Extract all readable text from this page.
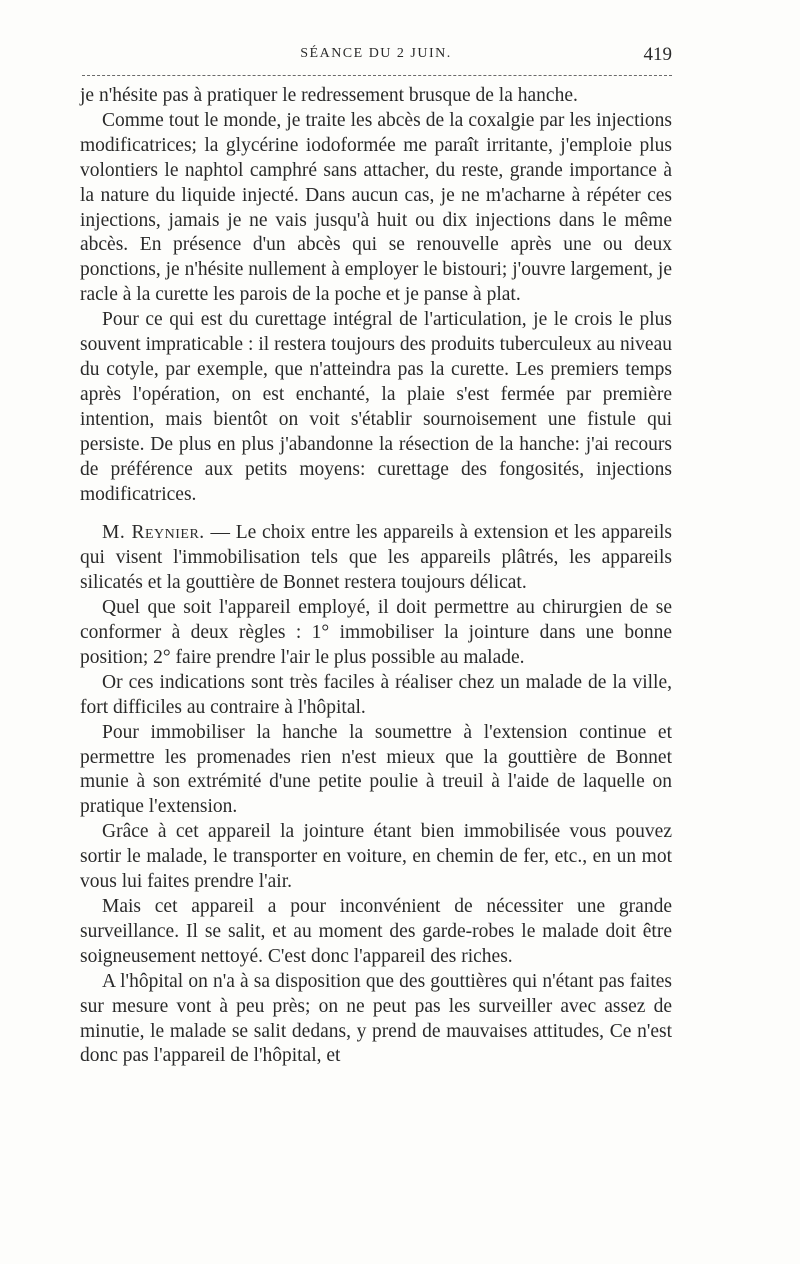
SÉANCE DU 2 JUIN.	419

je n'hésite pas à pratiquer le redressement brusque de la hanche.

Comme tout le monde, je traite les abcès de la coxalgie par les injections modificatrices; la glycérine iodoformée me paraît irritante, j'emploie plus volontiers le naphtol camphré sans attacher, du reste, grande importance à la nature du liquide injecté. Dans aucun cas, je ne m'acharne à répéter ces injections, jamais je ne vais jusqu'à huit ou dix injections dans le même abcès. En présence d'un abcès qui se renouvelle après une ou deux ponctions, je n'hésite nullement à employer le bistouri; j'ouvre largement, je racle à la curette les parois de la poche et je panse à plat.

Pour ce qui est du curettage intégral de l'articulation, je le crois le plus souvent impraticable : il restera toujours des produits tuberculeux au niveau du cotyle, par exemple, que n'atteindra pas la curette. Les premiers temps après l'opération, on est enchanté, la plaie s'est fermée par première intention, mais bientôt on voit s'établir sournoisement une fistule qui persiste. De plus en plus j'abandonne la résection de la hanche: j'ai recours de préférence aux petits moyens: curettage des fongosités, injections modificatrices.

M. Reynier. — Le choix entre les appareils à extension et les appareils qui visent l'immobilisation tels que les appareils plâtrés, les appareils silicatés et la gouttière de Bonnet restera toujours délicat.

Quel que soit l'appareil employé, il doit permettre au chirurgien de se conformer à deux règles : 1° immobiliser la jointure dans une bonne position; 2° faire prendre l'air le plus possible au malade.

Or ces indications sont très faciles à réaliser chez un malade de la ville, fort difficiles au contraire à l'hôpital.

Pour immobiliser la hanche la soumettre à l'extension continue et permettre les promenades rien n'est mieux que la gouttière de Bonnet munie à son extrémité d'une petite poulie à treuil à l'aide de laquelle on pratique l'extension.

Grâce à cet appareil la jointure étant bien immobilisée vous pouvez sortir le malade, le transporter en voiture, en chemin de fer, etc., en un mot vous lui faites prendre l'air.

Mais cet appareil a pour inconvénient de nécessiter une grande surveillance. Il se salit, et au moment des garde-robes le malade doit être soigneusement nettoyé. C'est donc l'appareil des riches.

A l'hôpital on n'a à sa disposition que des gouttières qui n'étant pas faites sur mesure vont à peu près; on ne peut pas les surveiller avec assez de minutie, le malade se salit dedans, y prend de mauvaises attitudes, Ce n'est donc pas l'appareil de l'hôpital, et
